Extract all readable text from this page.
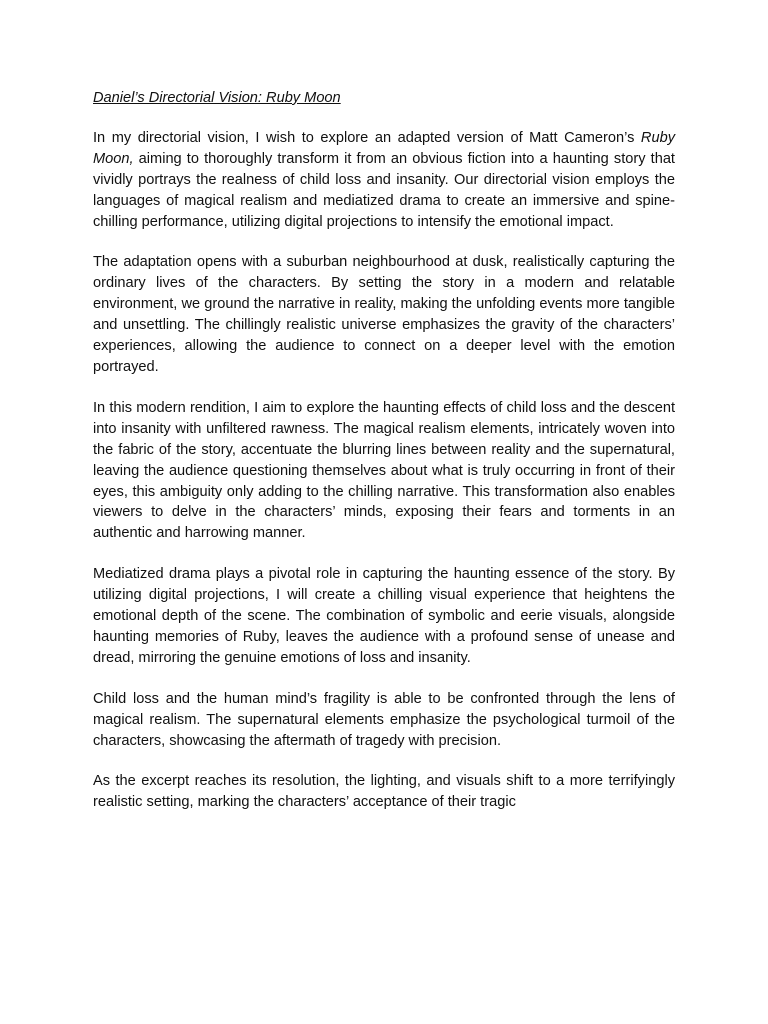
Daniel’s Directorial Vision: Ruby Moon

In my directorial vision, I wish to explore an adapted version of Matt Cameron’s Ruby Moon, aiming to thoroughly transform it from an obvious fiction into a haunting story that vividly portrays the realness of child loss and insanity. Our directorial vision employs the languages of magical realism and mediatized drama to create an immersive and spine-chilling performance, utilizing digital projections to intensify the emotional impact.

The adaptation opens with a suburban neighbourhood at dusk, realistically capturing the ordinary lives of the characters. By setting the story in a modern and relatable environment, we ground the narrative in reality, making the unfolding events more tangible and unsettling. The chillingly realistic universe emphasizes the gravity of the characters’ experiences, allowing the audience to connect on a deeper level with the emotion portrayed.

In this modern rendition, I aim to explore the haunting effects of child loss and the descent into insanity with unfiltered rawness. The magical realism elements, intricately woven into the fabric of the story, accentuate the blurring lines between reality and the supernatural, leaving the audience questioning themselves about what is truly occurring in front of their eyes, this ambiguity only adding to the chilling narrative. This transformation also enables viewers to delve in the characters’ minds, exposing their fears and torments in an authentic and harrowing manner.

Mediatized drama plays a pivotal role in capturing the haunting essence of the story. By utilizing digital projections, I will create a chilling visual experience that heightens the emotional depth of the scene. The combination of symbolic and eerie visuals, alongside haunting memories of Ruby, leaves the audience with a profound sense of unease and dread, mirroring the genuine emotions of loss and insanity.

Child loss and the human mind’s fragility is able to be confronted through the lens of magical realism. The supernatural elements emphasize the psychological turmoil of the characters, showcasing the aftermath of tragedy with precision.

As the excerpt reaches its resolution, the lighting, and visuals shift to a more terrifyingly realistic setting, marking the characters’ acceptance of their tragic
